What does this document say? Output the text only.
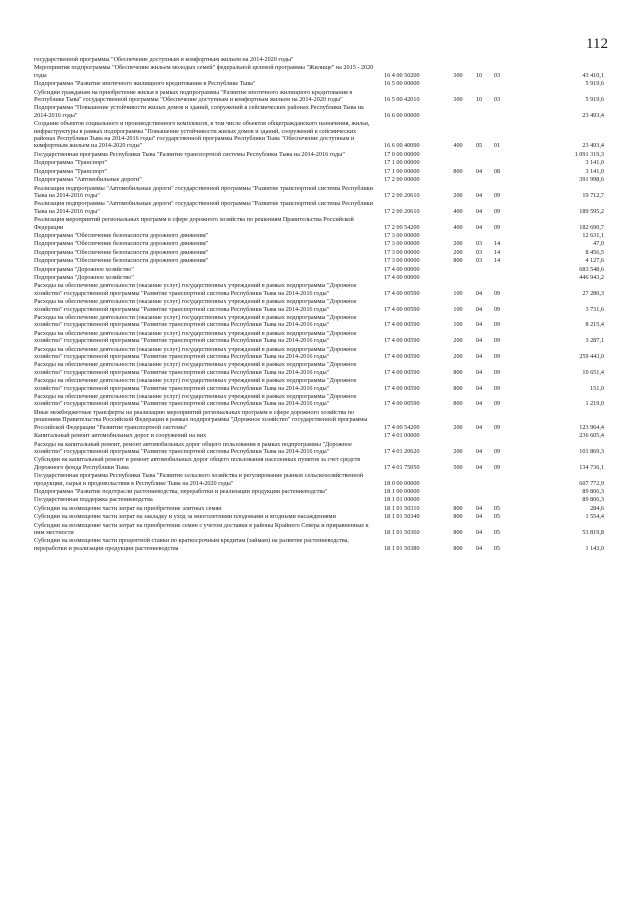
112
государственной программы "Обеспечение доступным и комфортным жильем на 2014-2020 годы"
Мероприятия подпрограммы "Обеспечение жильем молодых семей" федеральной целевой программы "Жилище" на 2015 - 2020 годы	16 4 00 50200	300	10	03	43 410,1
Подпрограмма "Развитие ипотечного жилищного кредитования в Республике Тыва"	16 5 00 00000	5 919,6
Субсидии гражданам на приобретение жилья в рамках подпрограммы "Развитие ипотечного жилищного кредитования в Республике Тыва" государственной программы "Обеспечение доступным и комфортным жильем на 2014-2020 годы"	16 5 00 42010	300	10	03	5 919,6
Подпрограмма "Повышение устойчивости жилых домов и зданий, сооружений в сейсмических районах Республики Тыва на 2014-2016 годы"	16 6 00 00000	23 493,4
Создание объектов социального и производственного комплексов, в том числе объектов общегражданского назначения, жилья, инфраструктуры в рамках подпрограммы "Повышение устойчивости жилых домов и зданий, сооружений в сейсмических районах Республики Тыва на 2014-2016 годы" государственной программы Республики Тыва "Обеспечение доступным и комфортным жильем на 2014-2020 годы"	16 6 00 40090	400	05	01	23 493,4
Государственная программа Республики Тыва "Развитие транспортной системы Республики Тыва на 2014-2016 годы"	17 0 00 00000	1 091 319,3
Подпрограмма "Транспорт"	17 1 00 00000	3 141,0
Подпрограмма "Транспорт"	17 1 00 00000	800	04	08	3 141,0
Подпрограмма "Автомобильные дороги"	17 2 00 00000	391 998,6
Реализация подпрограммы "Автомобильные дороги" государственной программы "Развитие транспортной системы Республики Тыва на 2014-2016 годы"	17 2 00 20610	200	04	09	19 712,7
Реализация подпрограммы "Автомобильные дороги" государственной программы "Развитие транспортной системы Республики Тыва на 2014-2016 годы"	17 2 00 20610	400	04	09	189 595,2
Реализация мероприятий региональных программ в сфере дорожного хозяйства по решениям Правительства Российской Федерации	17 2 00 54200	400	04	09	182 690,7
Подпрограмма "Обеспечение безопасности дорожного движения"	17 3 00 00000	12 631,1
Подпрограмма "Обеспечение безопасности дорожного движения"	17 3 00 00000	200	03	14	47,0
Подпрограмма "Обеспечение безопасности дорожного движения"	17 3 00 00000	200	03	14	8 456,5
Подпрограмма "Обеспечение безопасности дорожного движения"	17 3 00 00000	800	03	14	4 127,6
Подпрограмма "Дорожное хозяйство"	17 4 00 00000	683 548,6
Подпрограмма "Дорожное хозяйство"	17 4 00 00000	446 943,2
Расходы на обеспечение деятельности (оказание услуг) государственных учреждений в рамках подпрограммы "Дорожное хозяйство" государственной программы "Развитие транспортной системы Республики Тыва на 2014-2016 годы"	17 4 00 00590	100	04	09	27 280,3
Расходы на обеспечение деятельности (оказание услуг) государственных учреждений в рамках подпрограммы "Дорожное хозяйство" государственной программы "Развитие транспортной системы Республики Тыва на 2014-2016 годы"	17 4 00 00590	100	04	09	3 731,6
Расходы на обеспечение деятельности (оказание услуг) государственных учреждений в рамках подпрограммы "Дорожное хозяйство" государственной программы "Развитие транспортной системы Республики Тыва на 2014-2016 годы"	17 4 00 00590	100	04	09	8 215,4
Расходы на обеспечение деятельности (оказание услуг) государственных учреждений в рамках подпрограммы "Дорожное хозяйство" государственной программы "Развитие транспортной системы Республики Тыва на 2014-2016 годы"	17 4 00 00590	200	04	09	3 287,1
Расходы на обеспечение деятельности (оказание услуг) государственных учреждений в рамках подпрограммы "Дорожное хозяйство" государственной программы "Развитие транспортной системы Республики Тыва на 2014-2016 годы"	17 4 00 00590	200	04	09	259 443,0
Расходы на обеспечение деятельности (оказание услуг) государственных учреждений в рамках подпрограммы "Дорожное хозяйство" государственной программы "Развитие транспортной системы Республики Тыва на 2014-2016 годы"	17 4 00 00590	800	04	09	19 651,4
Расходы на обеспечение деятельности (оказание услуг) государственных учреждений в рамках подпрограммы "Дорожное хозяйство" государственной программы "Развитие транспортной системы Республики Тыва на 2014-2016 годы"	17 4 00 00590	800	04	09	151,0
Расходы на обеспечение деятельности (оказание услуг) государственных учреждений в рамках подпрограммы "Дорожное хозяйство" государственной программы "Развитие транспортной системы Республики Тыва на 2014-2016 годы"	17 4 00 00590	800	04	09	1 219,0
Иные межбюджетные трансферты на реализацию мероприятий региональных программ в сфере дорожного хозяйства по решениям Правительства Российской Федерации в рамках подпрограммы "Дорожное хозяйство" государственной программы Российской Федерации "Развитие транспортной системы"	17 4 00 54200	200	04	09	123 964,4
Капитальный ремонт автомобильных дорог и сооружений на них	17 4 01 00000	236 605,4
Расходы на капитальный ремонт, ремонт автомобильных дорог общего пользования в рамках подпрограммы "Дорожное хозяйство" государственной программы "Развитие транспортной системы Республики Тыва на 2014-2016 годы"	17 4 01 20620	200	04	09	101 869,3
Субсидии на капитальный ремонт и ремонт автомобильных дорог общего пользования населенных пунктов за счет средств Дорожного фонда Республики Тыва	17 4 01 75050	500	04	09	134 736,1
Государственная программа Республики Тыва "Развитие сельского хозяйства и регулирование рынков сельскохозяйственной продукции, сырья и продовольствия в Республике Тыва на 2014-2020 годы"	18 0 00 00000	607 772,9
Подпрограмма "Развитие подотрасли растениеводства, переработки и реализации продукции растениеводства"	18 1 00 00000	89 806,3
Государственная поддержка растениеводства	18 1 01 00000	89 806,3
Субсидии на возмещение части затрат на приобретение элитных семян	18 1 01 50310	800	04	05	284,6
Субсидии на возмещение части затрат на закладку и уход за многолетними плодовыми и ягодными насаждениями	18 1 01 50340	800	04	05	1 554,4
Субсидии на возмещение части затрат на приобретение семян с учетом доставки в районы Крайнего Севера и приравненные к ним местности	18 1 01 50360	800	04	05	53 819,8
Субсидии на возмещение части процентной ставки по краткосрочным кредитам (займам) на развитие растениеводства, переработки и реализации продукции растениеводства	18 1 01 50380	800	04	05	1 143,0
